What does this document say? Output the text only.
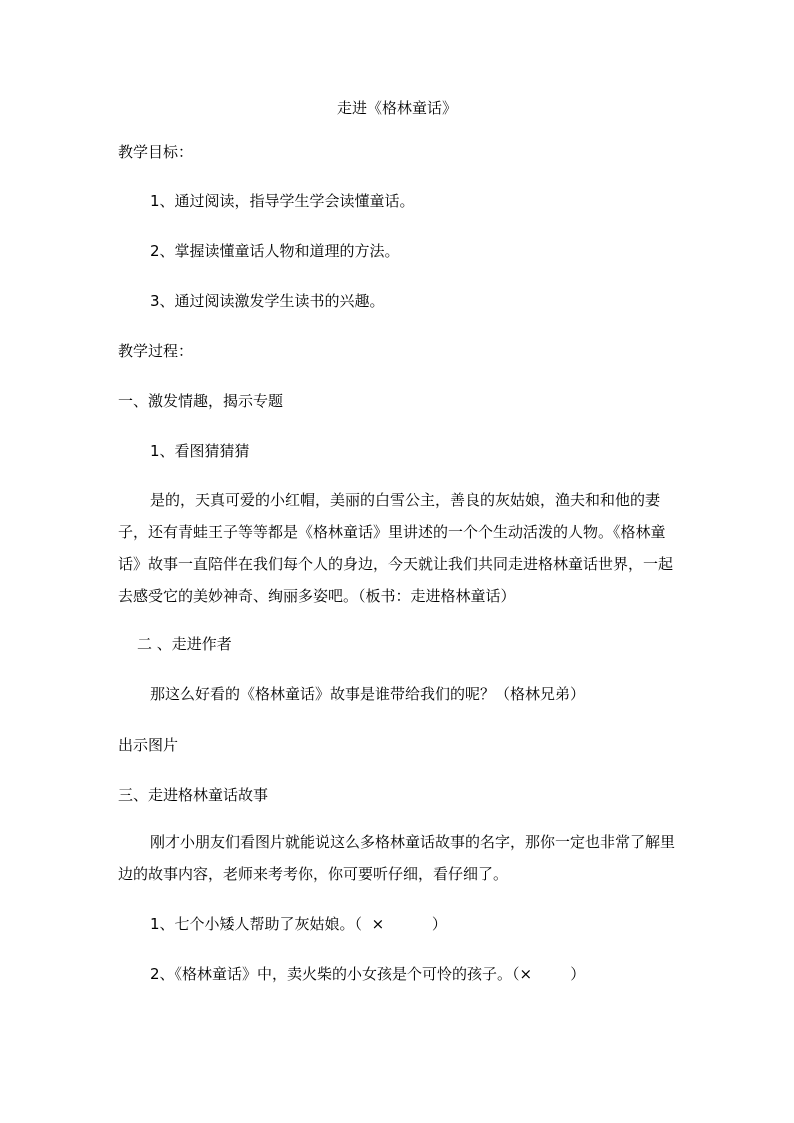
走进《格林童话》
教学目标：
1、通过阅读，指导学生学会读懂童话。
2、掌握读懂童话人物和道理的方法。
3、通过阅读激发学生读书的兴趣。
教学过程：
一、激发情趣，揭示专题
1、看图猜猜猜
是的，天真可爱的小红帽，美丽的白雪公主，善良的灰姑娘，渔夫和和他的妻子，还有青蛙王子等等都是《格林童话》里讲述的一个个生动活泼的人物。《格林童话》故事一直陪伴在我们每个人的身边，今天就让我们共同走进格林童话世界，一起去感受它的美妙神奇、绚丽多姿吧。（板书：走进格林童话）
二 、走进作者
那这么好看的《格林童话》故事是谁带给我们的呢？（格林兄弟）
出示图片
三、走进格林童话故事
刚才小朋友们看图片就能说这么多格林童话故事的名字，那你一定也非常了解里边的故事内容，老师来考考你，你可要听仔细，看仔细了。
1、七个小矮人帮助了灰姑娘。（  ×          ）
2、《格林童话》中，卖火柴的小女孩是个可怜的孩子。（×        ）
